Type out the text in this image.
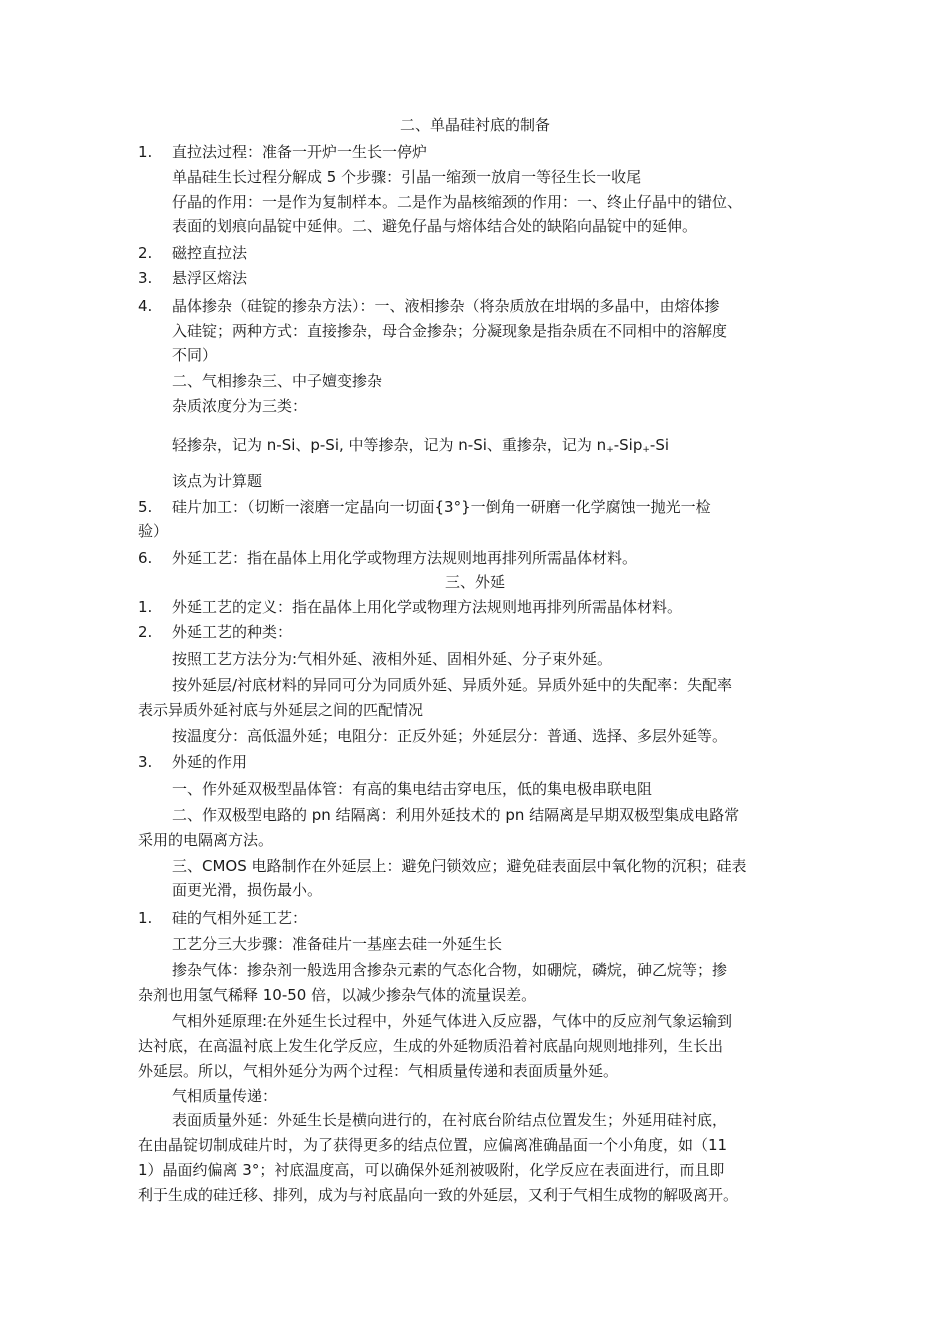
二、单晶硅衬底的制备
1. 直拉法过程：准备一开炉一生长一停炉
单晶硅生长过程分解成 5 个步骤：引晶一缩颈一放肩一等径生长一收尾
仔晶的作用：一是作为复制样本。二是作为晶核缩颈的作用：一、终止仔晶中的错位、
表面的划痕向晶锭中延伸。二、避免仔晶与熔体结合处的缺陷向晶锭中的延伸。
2. 磁控直拉法
3. 悬浮区熔法
4. 晶体掺杂（硅锭的掺杂方法）：一、液相掺杂（将杂质放在坩埚的多晶中，由熔体掺
入硅锭；两种方式：直接掺杂，母合金掺杂；分凝现象是指杂质在不同相中的溶解度
不同）
二、气相掺杂三、中子嬗变掺杂
杂质浓度分为三类：
轻掺杂，记为 n-Si、p-Si, 中等掺杂，记为 n-Si、重掺杂，记为 n+-Sip+-Si
该点为计算题
5. 硅片加工：（切断一滚磨一定晶向一切面{3°}一倒角一研磨一化学腐蚀一抛光一检
验）
6. 外延工艺：指在晶体上用化学或物理方法规则地再排列所需晶体材料。
三、外延
1. 外延工艺的定义：指在晶体上用化学或物理方法规则地再排列所需晶体材料。
2. 外延工艺的种类：
按照工艺方法分为:气相外延、液相外延、固相外延、分子束外延。
按外延层/衬底材料的异同可分为同质外延、异质外延。异质外延中的失配率：失配率
表示异质外延衬底与外延层之间的匹配情况
按温度分：高低温外延；电阻分：正反外延；外延层分：普通、选择、多层外延等。
3. 外延的作用
一、作外延双极型晶体管：有高的集电结击穿电压，低的集电极串联电阻
二、作双极型电路的 pn 结隔离：利用外延技术的 pn 结隔离是早期双极型集成电路常
采用的电隔离方法。
三、CMOS 电路制作在外延层上：避免闩锁效应；避免硅表面层中氧化物的沉积；硅表
面更光滑，损伤最小。
1. 硅的气相外延工艺：
工艺分三大步骤：准备硅片一基座去硅一外延生长
掺杂气体：掺杂剂一般选用含掺杂元素的气态化合物，如硼烷，磷烷，砷乙烷等；掺
杂剂也用氢气稀释 10-50 倍，以减少掺杂气体的流量误差。
气相外延原理:在外延生长过程中，外延气体进入反应器，气体中的反应剂气象运输到
达衬底，在高温衬底上发生化学反应，生成的外延物质沿着衬底晶向规则地排列，生长出
外延层。所以，气相外延分为两个过程：气相质量传递和表面质量外延。
气相质量传递：
表面质量外延：外延生长是横向进行的，在衬底台阶结点位置发生；外延用硅衬底，
在由晶锭切制成硅片时，为了获得更多的结点位置，应偏离准确晶面一个小角度，如（11
1）晶面约偏离 3°；衬底温度高，可以确保外延剂被吸附，化学反应在表面进行，而且即
利于生成的硅迁移、排列，成为与衬底晶向一致的外延层，又利于气相生成物的解吸离开。
